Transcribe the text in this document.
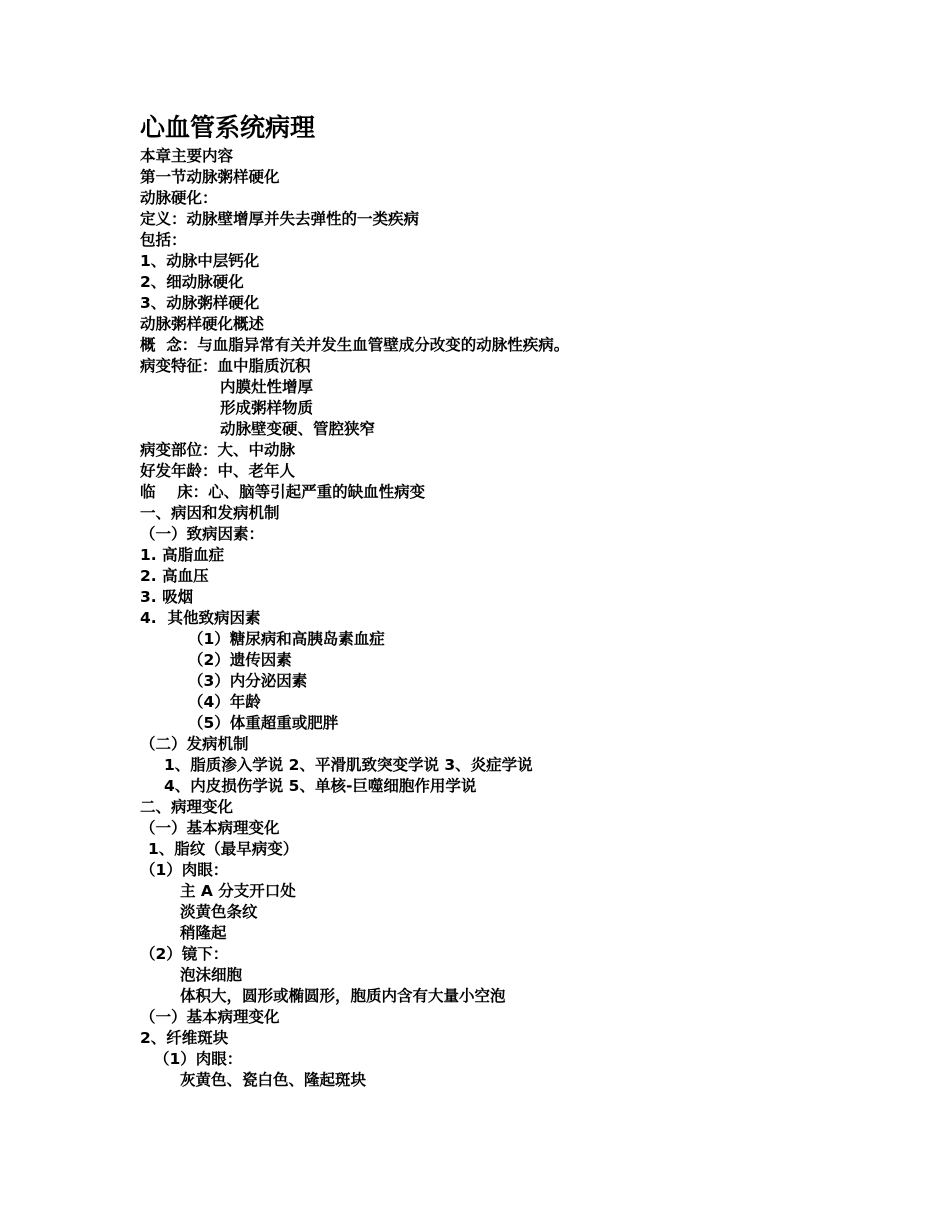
心血管系统病理
本章主要内容
第一节动脉粥样硬化
动脉硬化：
定义：动脉壁增厚并失去弹性的一类疾病
包括：
1、动脉中层钙化
2、细动脉硬化
3、动脉粥样硬化
动脉粥样硬化概述
概  念：与血脂异常有关并发生血管壁成分改变的动脉性疾病。
病变特征：血中脂质沉积
内膜灶性增厚
形成粥样物质
动脉壁变硬、管腔狭窄
病变部位：大、中动脉
好发年龄：中、老年人
临    床：心、脑等引起严重的缺血性病变
一、病因和发病机制
（一）致病因素：
1. 高脂血症
2. 高血压
3. 吸烟
4.  其他致病因素
（1）糖尿病和高胰岛素血症
（2）遗传因素
（3）内分泌因素
（4）年龄
（5）体重超重或肥胖
（二）发病机制
1、脂质渗入学说 2、平滑肌致突变学说 3、炎症学说
4、内皮损伤学说 5、单核-巨噬细胞作用学说
二、病理变化
（一）基本病理变化
1、脂纹（最早病变）
（1）肉眼：
主 A 分支开口处
淡黄色条纹
稍隆起
（2）镜下：
泡沫细胞
体积大，圆形或椭圆形，胞质内含有大量小空泡
（一）基本病理变化
2、纤维斑块
（1）肉眼：
灰黄色、瓷白色、隆起斑块
